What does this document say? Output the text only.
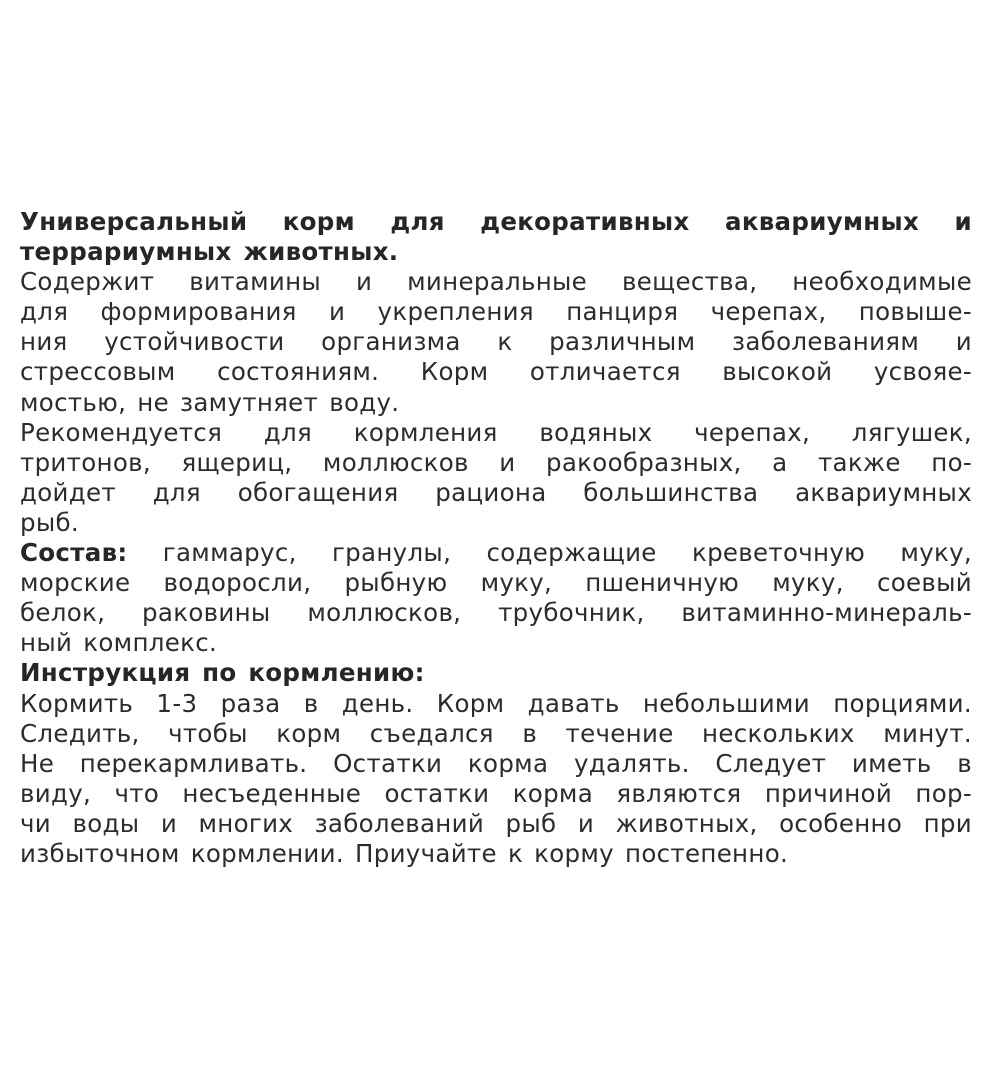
Универсальный корм для декоративных аквариумных и
террариумных животных.
Содержит витамины и минеральные вещества, необходимые
для формирования и укрепления панциря черепах, повыше-
ния устойчивости организма к различным заболеваниям и
стрессовым состояниям. Корм отличается высокой усвояе-
мостью, не замутняет воду.
Рекомендуется для кормления водяных черепах, лягушек,
тритонов, ящериц, моллюсков и ракообразных, а также по-
дойдет для обогащения рациона большинства аквариумных
рыб.
Состав: гаммарус, гранулы, содержащие креветочную муку,
морские водоросли, рыбную муку, пшеничную муку, соевый
белок, раковины моллюсков, трубочник, витаминно-минераль-
ный комплекс.
Инструкция по кормлению:
Кормить 1-3 раза в день. Корм давать небольшими порциями.
Следить, чтобы корм съедался в течение нескольких минут.
Не перекармливать. Остатки корма удалять. Следует иметь в
виду, что несъеденные остатки корма являются причиной пор-
чи воды и многих заболеваний рыб и животных, особенно при
избыточном кормлении. Приучайте к корму постепенно.
